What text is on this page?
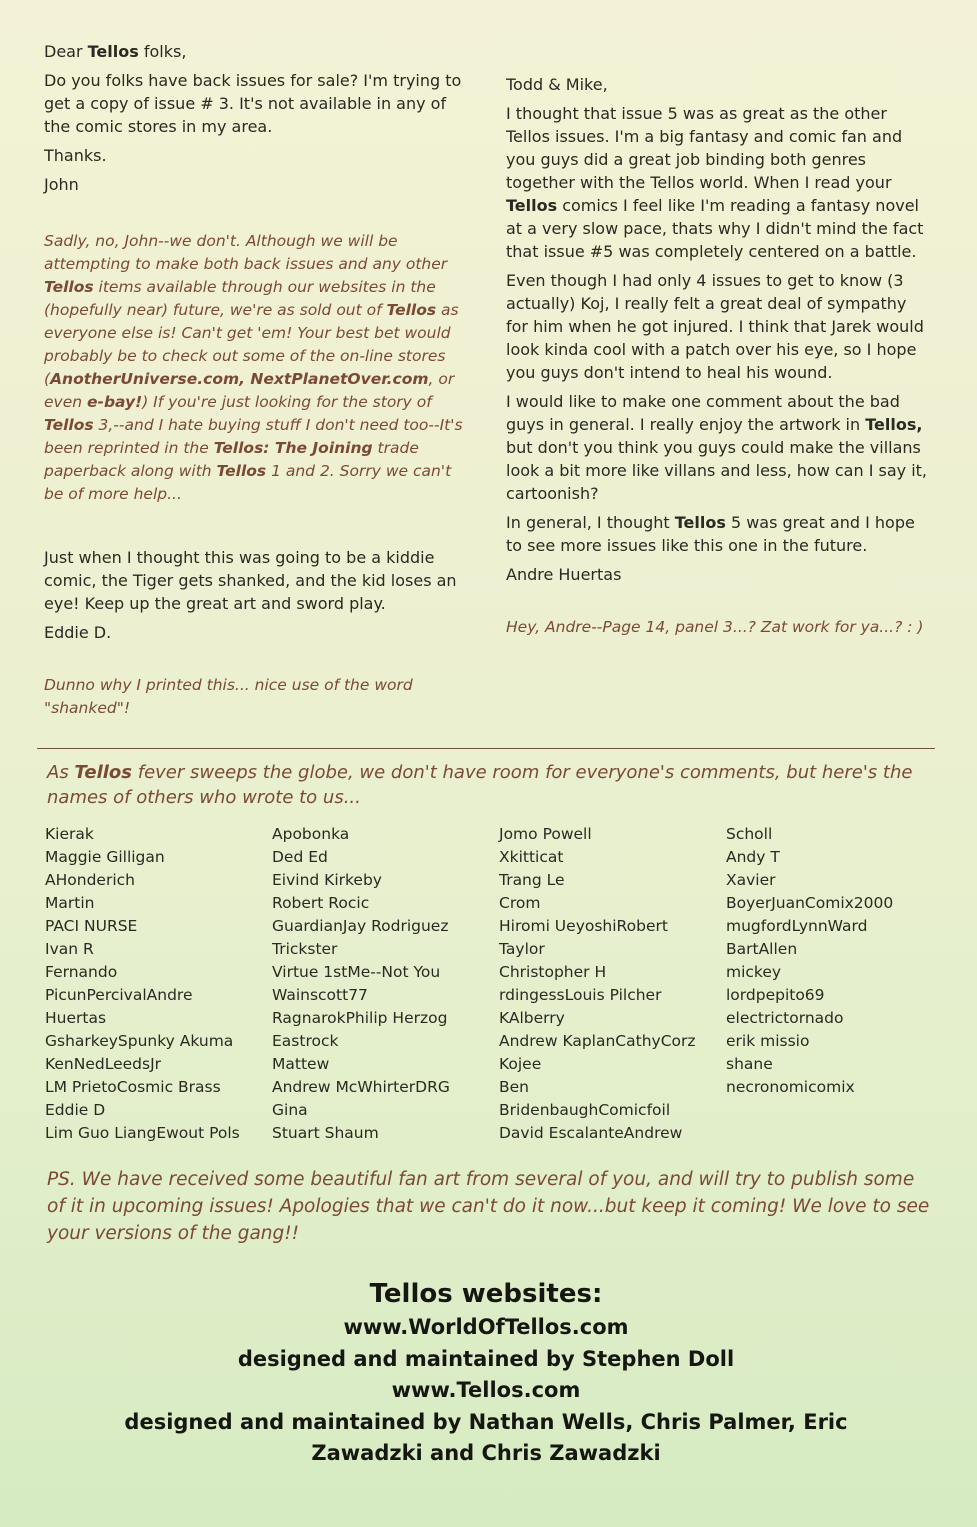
Dear Tellos folks,

Do you folks have back issues for sale? I'm trying to get a copy of issue # 3. It's not available in any of the comic stores in my area.

Thanks.

John

Sadly, no, John--we don't. Although we will be attempting to make both back issues and any other Tellos items available through our websites in the (hopefully near) future, we're as sold out of Tellos as everyone else is! Can't get 'em! Your best bet would probably be to check out some of the on-line stores (AnotherUniverse.com, NextPlanetOver.com, or even e-bay!) If you're just looking for the story of Tellos 3,--and I hate buying stuff I don't need too--It's been reprinted in the Tellos: The Joining trade paperback along with Tellos 1 and 2. Sorry we can't be of more help...

Just when I thought this was going to be a kiddie comic, the Tiger gets shanked, and the kid loses an eye! Keep up the great art and sword play.

Eddie D.

Dunno why I printed this... nice use of the word "shanked"!

Todd & Mike,

I thought that issue 5 was as great as the other Tellos issues. I'm a big fantasy and comic fan and you guys did a great job binding both genres together with the Tellos world. When I read your Tellos comics I feel like I'm reading a fantasy novel at a very slow pace, thats why I didn't mind the fact that issue #5 was completely centered on a battle.

Even though I had only 4 issues to get to know (3 actually) Koj, I really felt a great deal of sympathy for him when he got injured. I think that Jarek would look kinda cool with a patch over his eye, so I hope you guys don't intend to heal his wound.

I would like to make one comment about the bad guys in general. I really enjoy the artwork in Tellos, but don't you think you guys could make the villans look a bit more like villans and less, how can I say it, cartoonish?

In general, I thought Tellos 5 was great and I hope to see more issues like this one in the future.

Andre Huertas

Hey, Andre--Page 14, panel 3...? Zat work for ya...? : )

As Tellos fever sweeps the globe, we don't have room for everyone's comments, but here's the names of others who wrote to us...
Kierak
Maggie Gilligan
AHonderich
Martin
PACI NURSE
Ivan R
Fernando
PicunPercivalAndre
Huertas
GsharkeySpunky Akuma
KenNedLeedsJr
LM PrietoCosmic Brass
Eddie D
Lim Guo LiangEwout Pols
Apobonka
Ded Ed
Eivind Kirkeby
Robert Rocic
GuardianJay Rodriguez
Trickster
Virtue 1stMe--Not You
Wainscott77
RagnarokPhilip Herzog
Eastrock
Mattew
Andrew McWhirterDRG
Gina
Stuart Shaum
Jomo Powell
Xkitticat
Trang Le
Crom
Hiromi UeyoshiRobert
Taylor
Christopher H
rdingessLouis Pilcher
KAlberry
Andrew KaplanCathyCorz
Kojee
Ben
BridenbaughComicfoil
David EscalanteAndrew
Scholl
Andy T
Xavier
BoyerJuanComix2000
mugfordLynnWard
BartAllen
mickey
lordpepito69
electrictornado
erik missio
shane
necronomicomix
PS. We have received some beautiful fan art from several of you, and will try to publish some of it in upcoming issues! Apologies that we can't do it now...but keep it coming! We love to see your versions of the gang!!
Tellos websites:
www.WorldOfTellos.com
designed and maintained by Stephen Doll
www.Tellos.com
designed and maintained by Nathan Wells, Chris Palmer, Eric Zawadzki and Chris Zawadzki
